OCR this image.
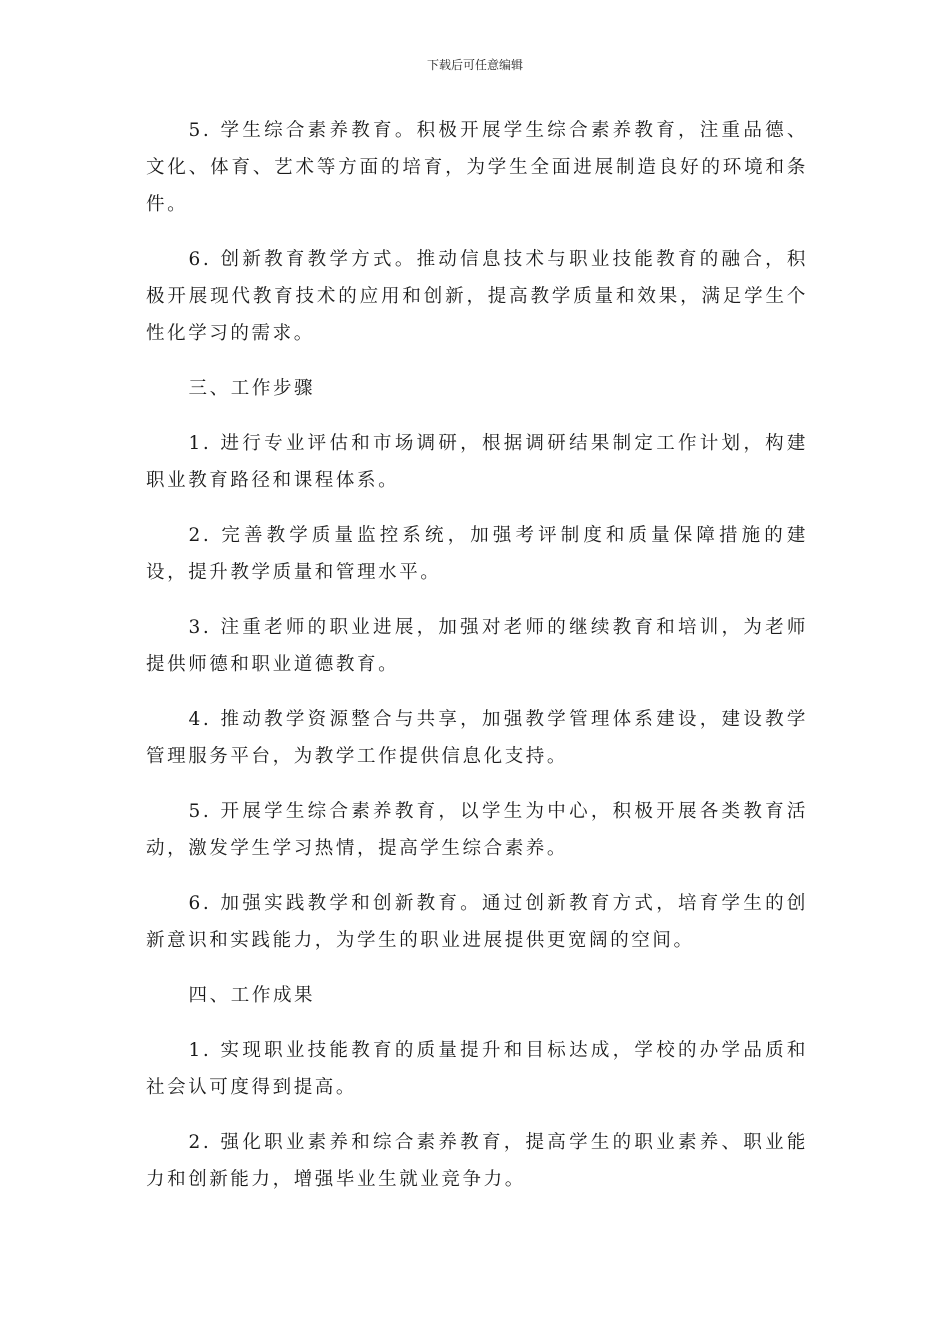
下载后可任意编辑

5. 学生综合素养教育。积极开展学生综合素养教育，注重品德、文化、体育、艺术等方面的培育，为学生全面进展制造良好的环境和条件。

6. 创新教育教学方式。推动信息技术与职业技能教育的融合，积极开展现代教育技术的应用和创新，提高教学质量和效果，满足学生个性化学习的需求。

三、工作步骤

1. 进行专业评估和市场调研，根据调研结果制定工作计划，构建职业教育路径和课程体系。

2. 完善教学质量监控系统，加强考评制度和质量保障措施的建设，提升教学质量和管理水平。

3. 注重老师的职业进展，加强对老师的继续教育和培训，为老师提供师德和职业道德教育。

4. 推动教学资源整合与共享，加强教学管理体系建设，建设教学管理服务平台，为教学工作提供信息化支持。

5. 开展学生综合素养教育，以学生为中心，积极开展各类教育活动，激发学生学习热情，提高学生综合素养。

6. 加强实践教学和创新教育。通过创新教育方式，培育学生的创新意识和实践能力，为学生的职业进展提供更宽阔的空间。

四、工作成果

1. 实现职业技能教育的质量提升和目标达成，学校的办学品质和社会认可度得到提高。

2. 强化职业素养和综合素养教育，提高学生的职业素养、职业能力和创新能力，增强毕业生就业竞争力。
